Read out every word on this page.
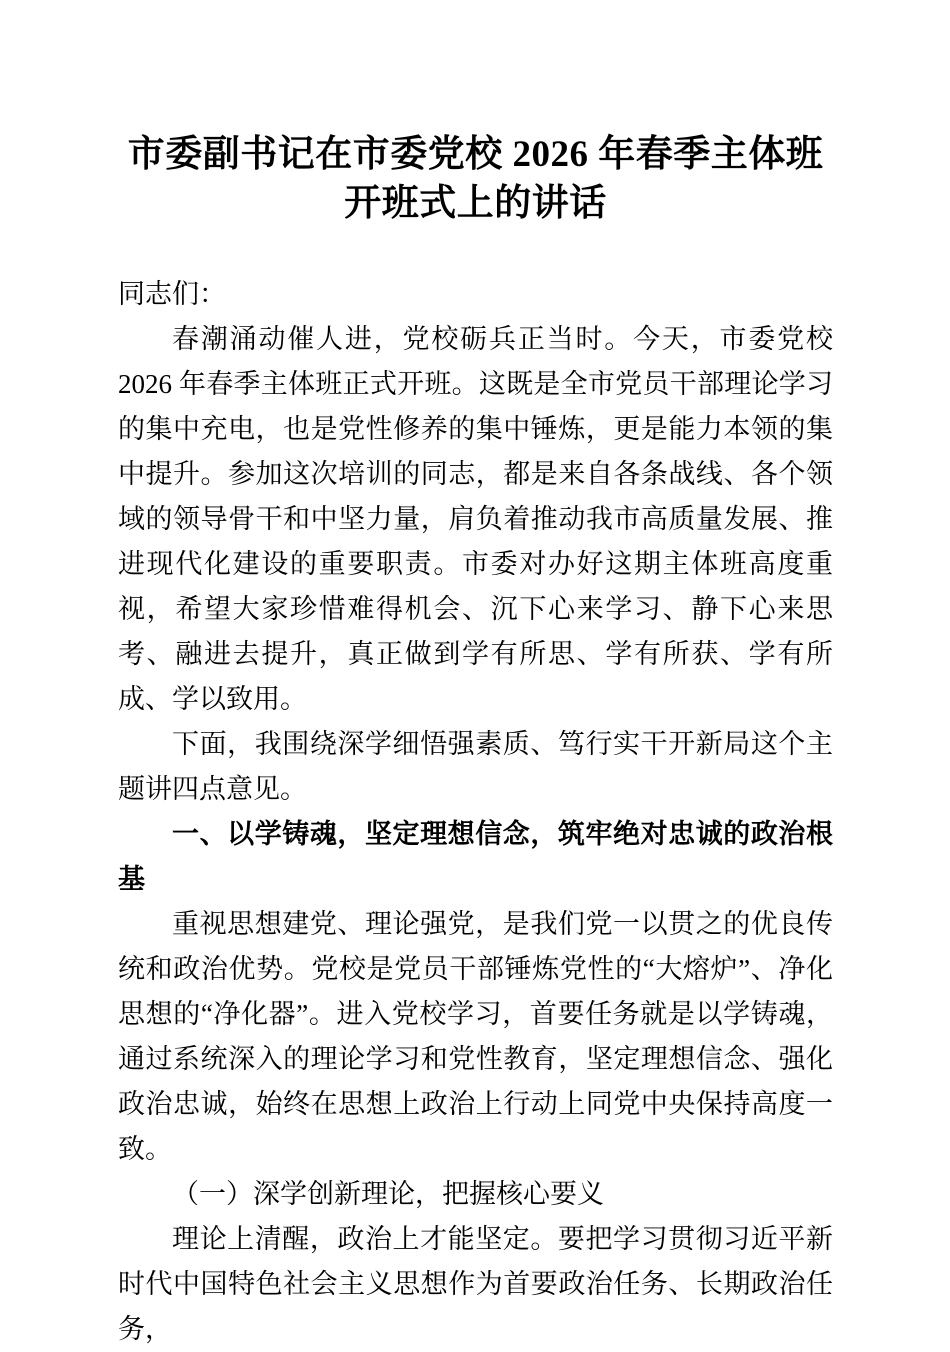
市委副书记在市委党校 2026 年春季主体班开班式上的讲话

同志们：

春潮涌动催人进，党校砺兵正当时。今天，市委党校 2026 年春季主体班正式开班。这既是全市党员干部理论学习的集中充电，也是党性修养的集中锤炼，更是能力本领的集中提升。参加这次培训的同志，都是来自各条战线、各个领域的领导骨干和中坚力量，肩负着推动我市高质量发展、推进现代化建设的重要职责。市委对办好这期主体班高度重视，希望大家珍惜难得机会、沉下心来学习、静下心来思考、融进去提升，真正做到学有所思、学有所获、学有所成、学以致用。

下面，我围绕深学细悟强素质、笃行实干开新局这个主题讲四点意见。

一、以学铸魂，坚定理想信念，筑牢绝对忠诚的政治根基

重视思想建党、理论强党，是我们党一以贯之的优良传统和政治优势。党校是党员干部锤炼党性的“大熔炉”、净化思想的“净化器”。进入党校学习，首要任务就是以学铸魂，通过系统深入的理论学习和党性教育，坚定理想信念、强化政治忠诚，始终在思想上政治上行动上同党中央保持高度一致。

（一）深学创新理论，把握核心要义

理论上清醒，政治上才能坚定。要把学习贯彻习近平新时代中国特色社会主义思想作为首要政治任务、长期政治任务，
